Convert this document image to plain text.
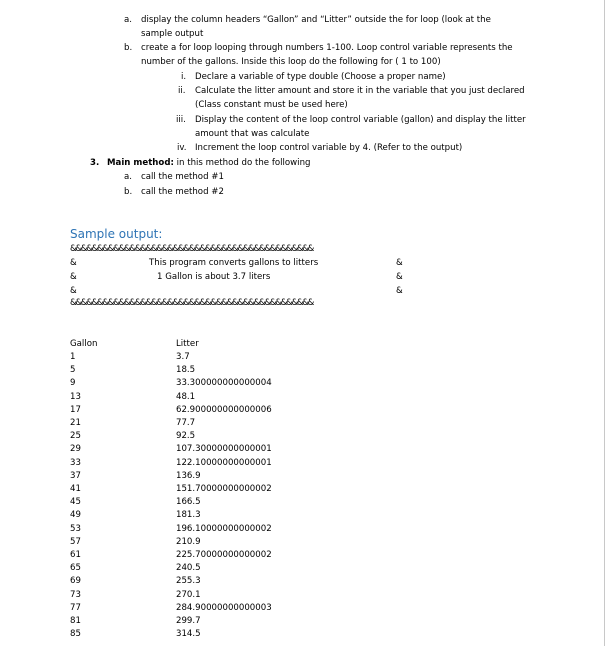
a. display the column headers “Gallon” and “Litter” outside the for loop (look at the
sample output
b. create a for loop looping through numbers 1-100. Loop control variable represents the
number of the gallons. Inside this loop do the following for ( 1 to 100)
i. Declare a variable of type double (Choose a proper name)
ii. Calculate the litter amount and store it in the variable that you just declared
(Class constant must be used here)
iii. Display the content of the loop control variable (gallon) and display the litter
amount that was calculate
iv. Increment the loop control variable by 4. (Refer to the output)
3. Main method: in this method do the following
a. call the method #1
b. call the method #2
Sample output:
&&&&&&&&&&&&&&&&&&&&&&&&&&&&&&&&&&&&&&&&&&&&&
&	This program converts gallons to litters	&
&	1 Gallon is about 3.7 liters	&
&	&
&&&&&&&&&&&&&&&&&&&&&&&&&&&&&&&&&&&&&&&&&&&&&
Gallon	Litter
1	3.7
5	18.5
9	33.300000000000004
13	48.1
17	62.900000000000006
21	77.7
25	92.5
29	107.30000000000001
33	122.10000000000001
37	136.9
41	151.70000000000002
45	166.5
49	181.3
53	196.10000000000002
57	210.9
61	225.70000000000002
65	240.5
69	255.3
73	270.1
77	284.90000000000003
81	299.7
85	314.5
